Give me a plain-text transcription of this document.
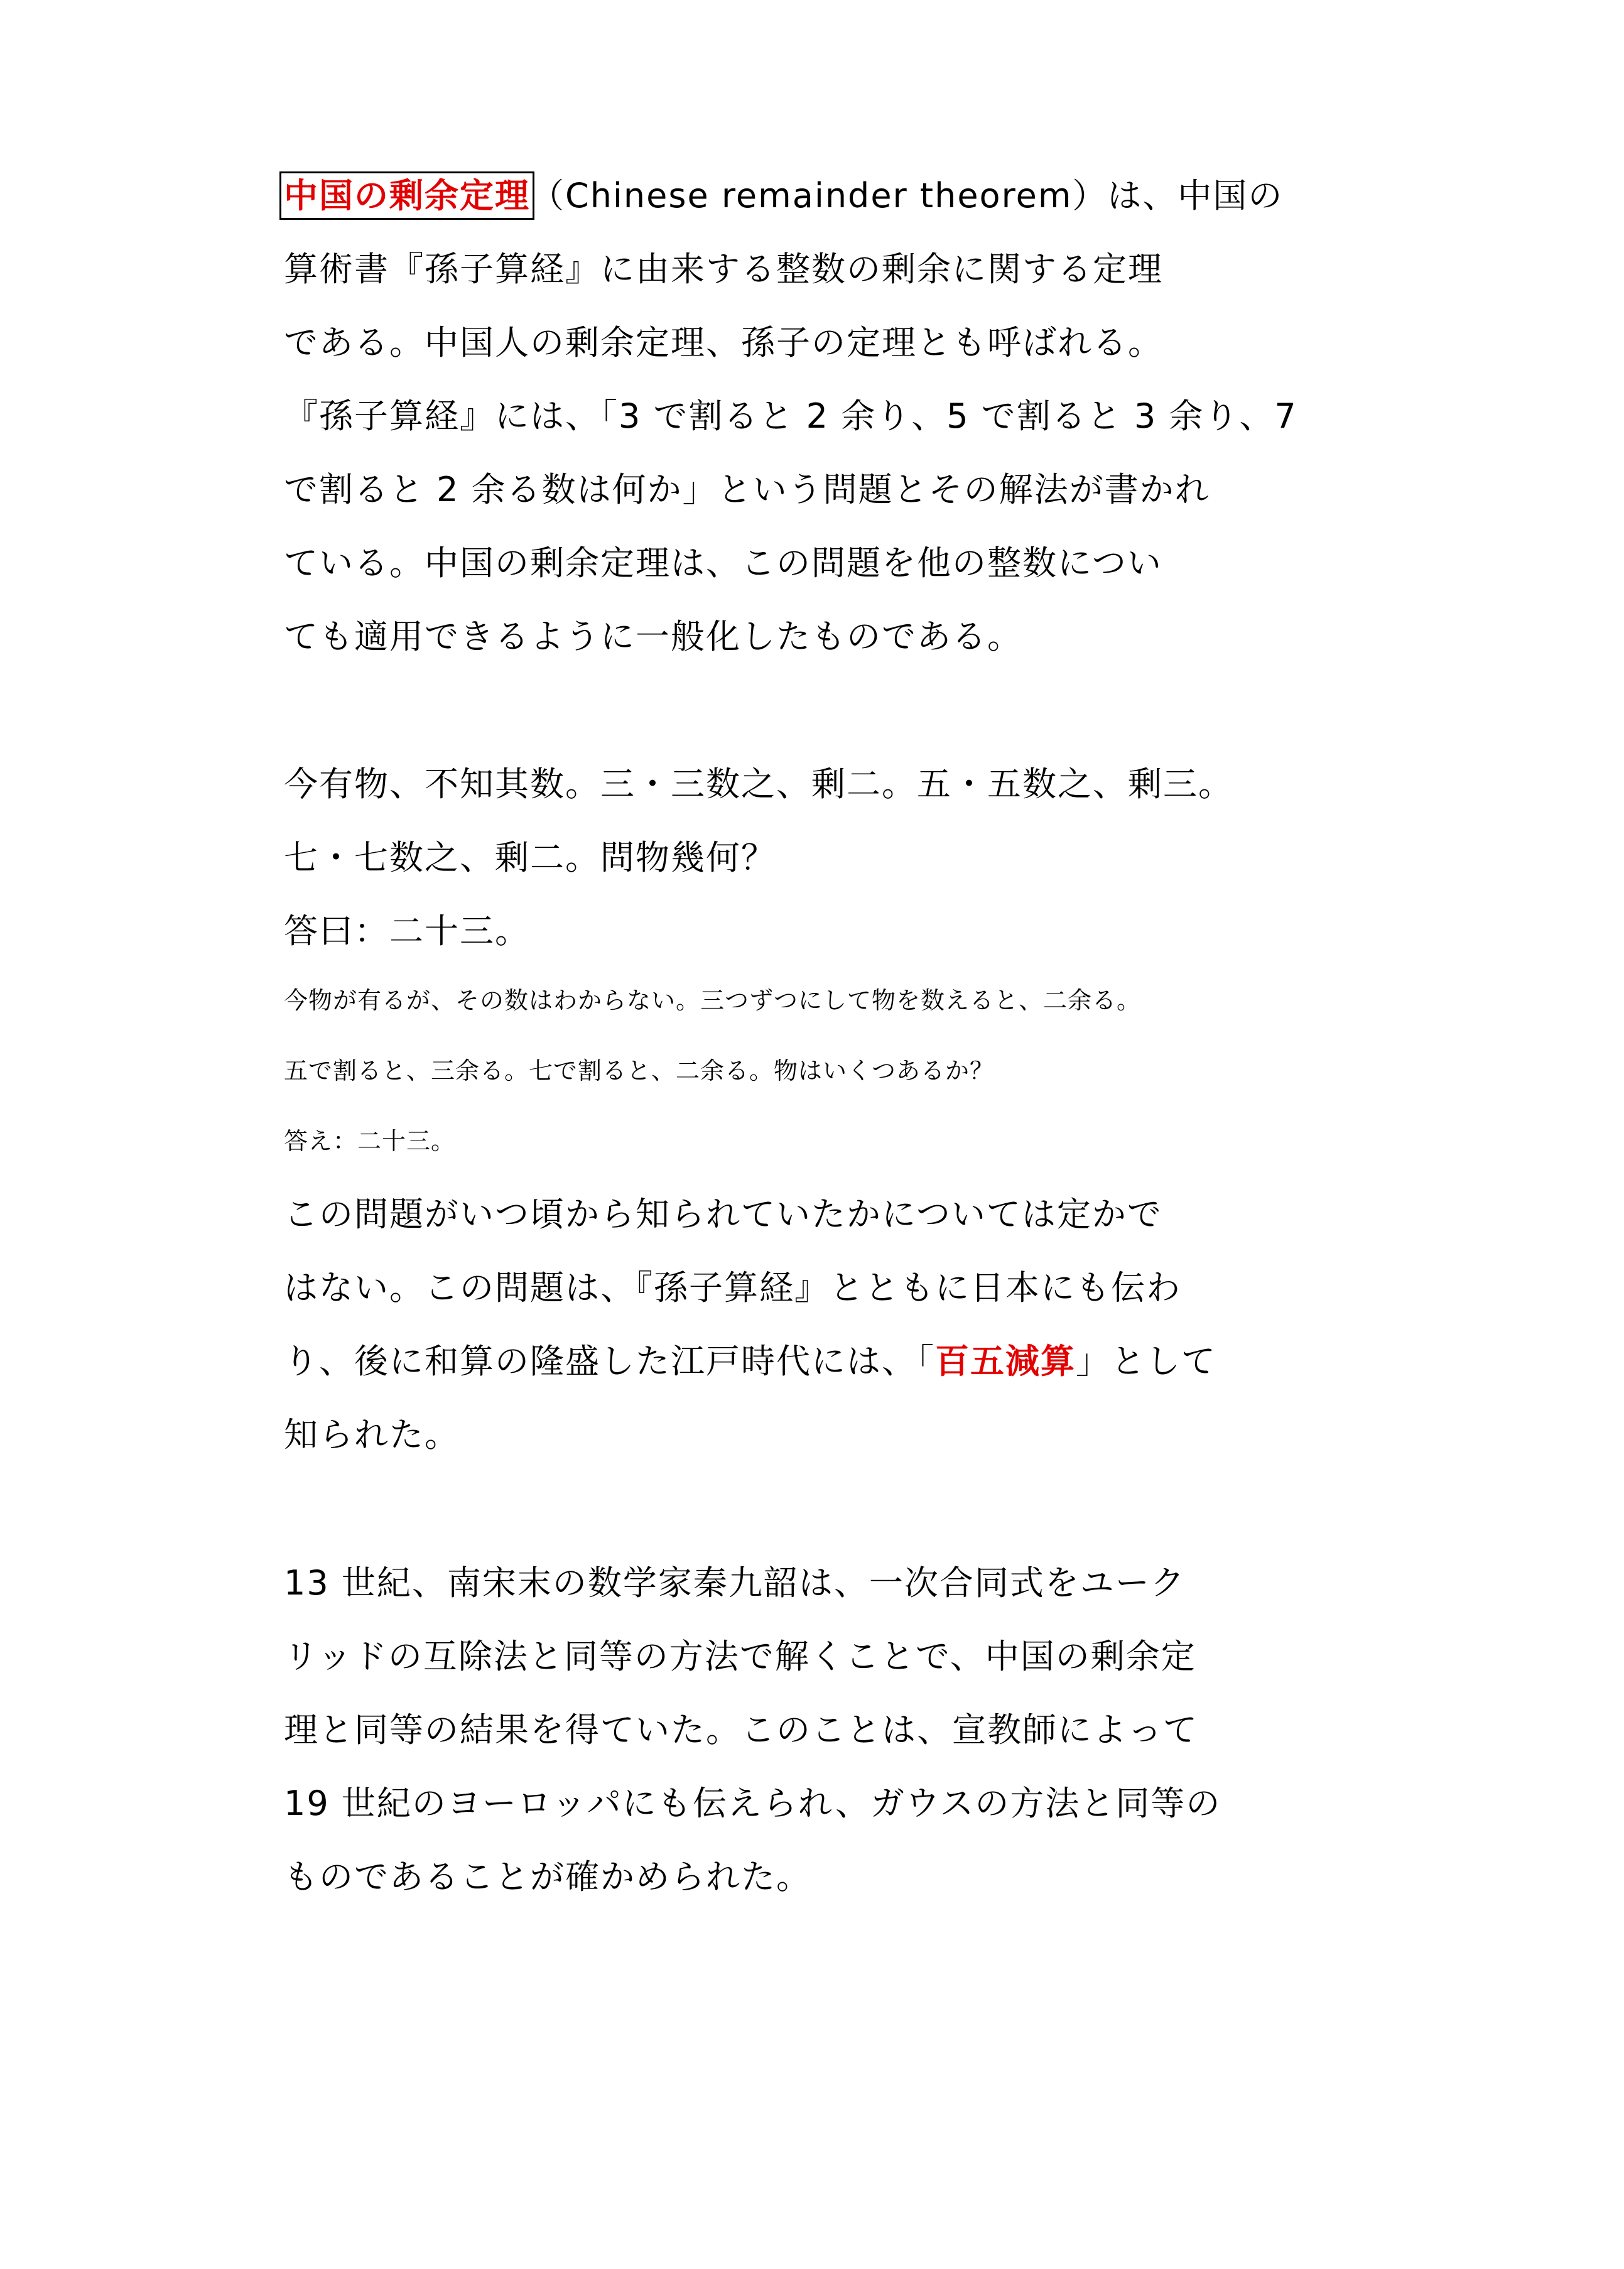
中国の剰余定理（Chinese remainder theorem）は、中国の
算術書『孫子算経』に由来する整数の剰余に関する定理
である。中国人の剰余定理、孫子の定理とも呼ばれる。
『孫子算経』には、「3 で割ると 2 余り、5 で割ると 3 余り、7
で割ると 2 余る数は何か」という問題とその解法が書かれ
ている。中国の剰余定理は、この問題を他の整数につい
ても適用できるように一般化したものである。
今有物、不知其数。三・三数之、剰二。五・五数之、剰三。
七・七数之、剰二。問物幾何？
答曰：二十三。
今物が有るが、その数はわからない。三つずつにして物を数えると、二余る。
五で割ると、三余る。七で割ると、二余る。物はいくつあるか？
答え：二十三。
この問題がいつ頃から知られていたかについては定かで
はない。この問題は、『孫子算経』とともに日本にも伝わ
り、後に和算の隆盛した江戸時代には、「百五減算」として
知られた。
13 世紀、南宋末の数学家秦九韶は、一次合同式をユーク
リッドの互除法と同等の方法で解くことで、中国の剰余定
理と同等の結果を得ていた。このことは、宣教師によって
19 世紀のヨーロッパにも伝えられ、ガウスの方法と同等の
ものであることが確かめられた。
